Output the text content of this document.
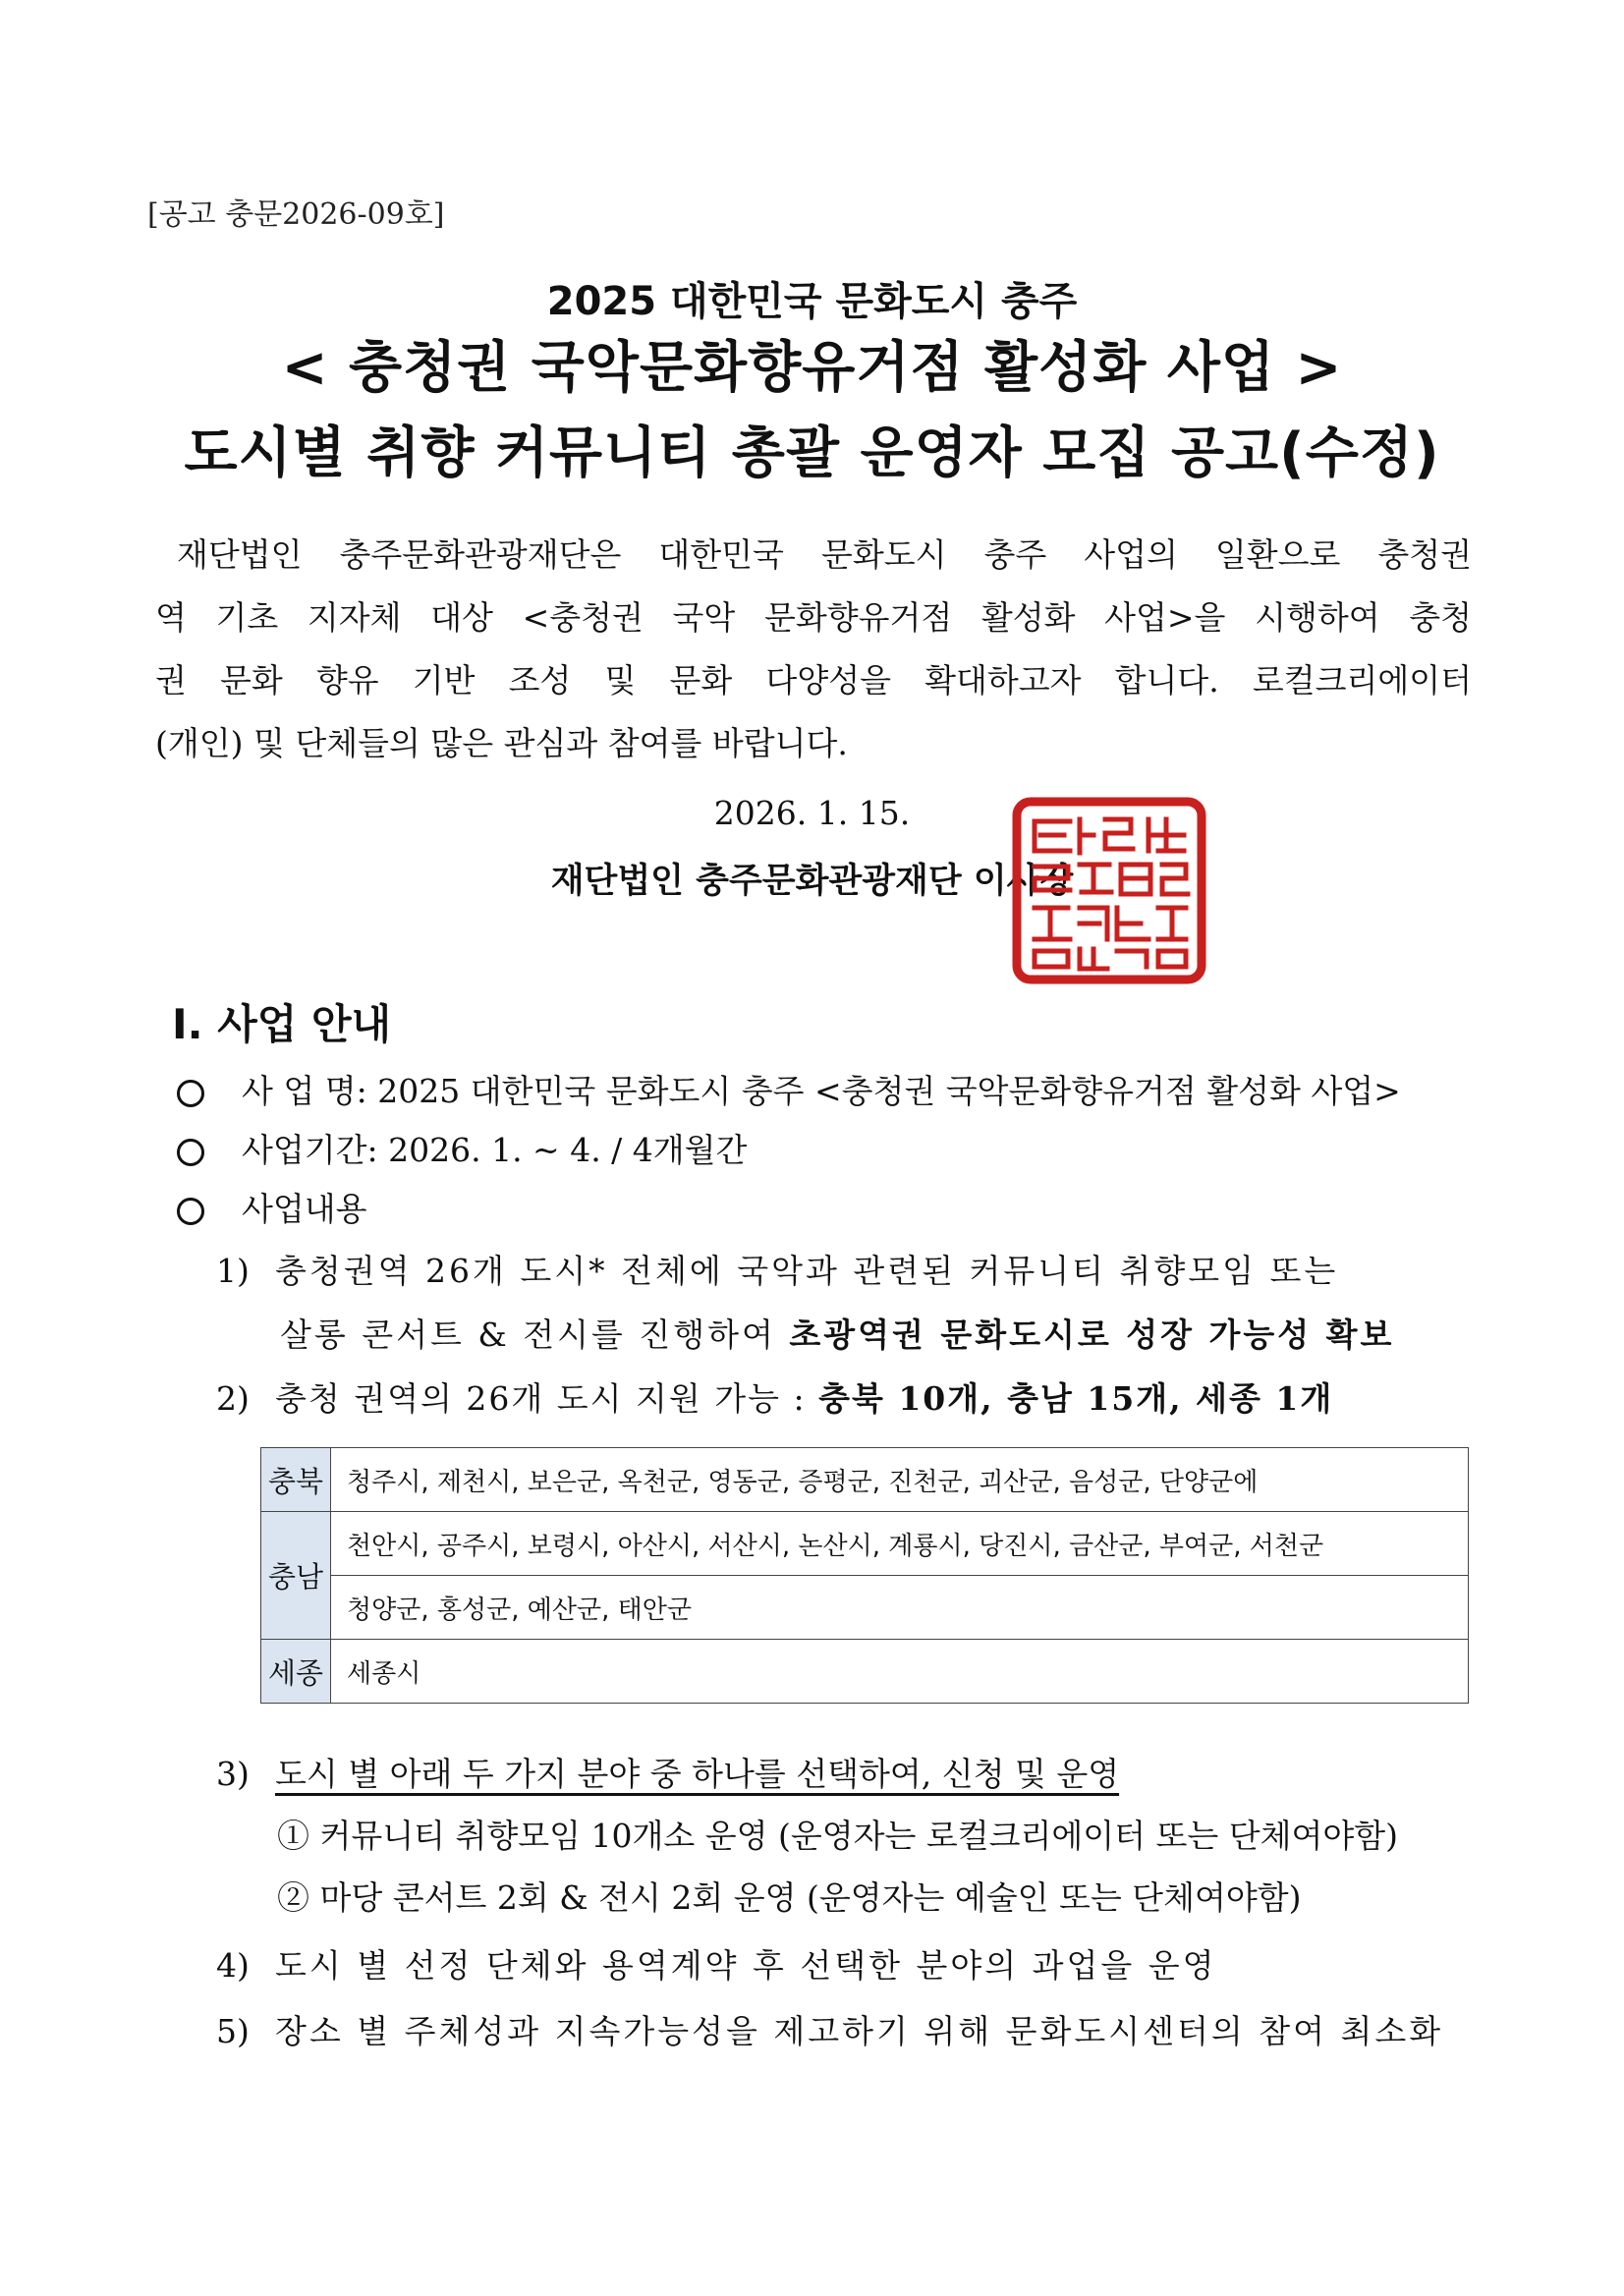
[공고 충문2026-09호]
2025 대한민국 문화도시 충주
< 충청권 국악문화향유거점 활성화 사업 >
도시별 취향 커뮤니티 총괄 운영자 모집 공고(수정)

재단법인 충주문화관광재단은 대한민국 문화도시 충주 사업의 일환으로 충청권

역 기초 지자체 대상 <충청권 국악 문화향유거점 활성화 사업>을 시행하여 충청

권 문화 향유 기반 조성 및 문화 다양성을 확대하고자 합니다. 로컬크리에이터

(개인) 및 단체들의 많은 관심과 참여를 바랍니다.

2026. 1. 15.
재단법인 충주문화관광재단 이사장
Ⅰ. 사업 안내
사 업 명: 2025 대한민국 문화도시 충주 <충청권 국악문화향유거점 활성화 사업>
사업기간: 2026. 1. ~ 4. / 4개월간
사업내용
1) 충청권역 26개 도시* 전체에 국악과 관련된 커뮤니티 취향모임 또는
살롱 콘서트 & 전시를 진행하여 초광역권 문화도시로 성장 가능성 확보
2) 충청 권역의 26개 도시 지원 가능 : 충북 10개, 충남 15개, 세종 1개
충북	청주시, 제천시, 보은군, 옥천군, 영동군, 증평군, 진천군, 괴산군, 음성군, 단양군에
충남	천안시, 공주시, 보령시, 아산시, 서산시, 논산시, 계룡시, 당진시, 금산군, 부여군, 서천군
	청양군, 홍성군, 예산군, 태안군
세종	세종시
3) 도시 별 아래 두 가지 분야 중 하나를 선택하여, 신청 및 운영
① 커뮤니티 취향모임 10개소 운영 (운영자는 로컬크리에이터 또는 단체여야함)
② 마당 콘서트 2회 & 전시 2회 운영 (운영자는 예술인 또는 단체여야함)
4) 도시 별 선정 단체와 용역계약 후 선택한 분야의 과업을 운영
5) 장소 별 주체성과 지속가능성을 제고하기 위해 문화도시센터의 참여 최소화
